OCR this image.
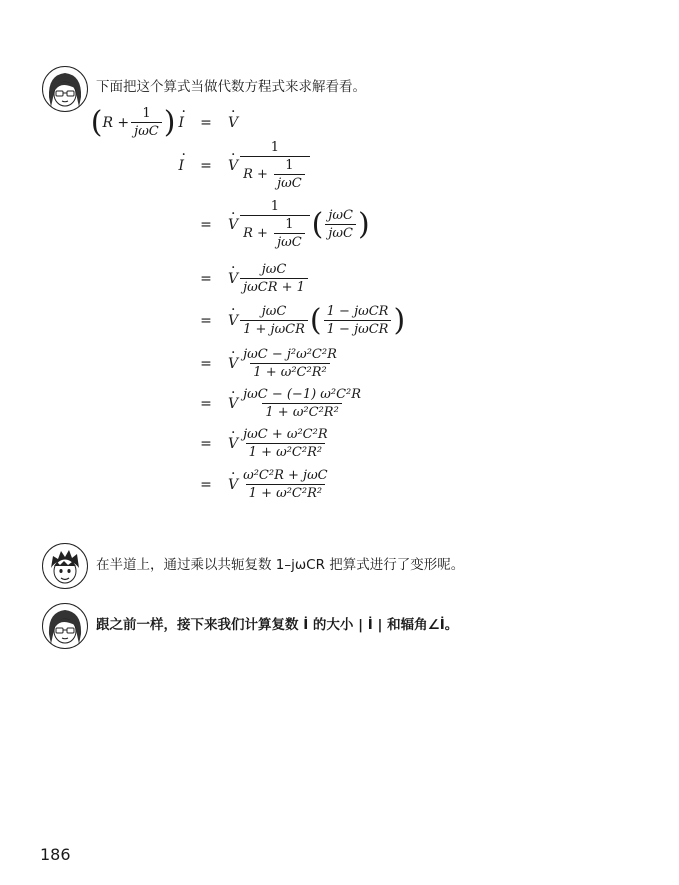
下面把这个算式当做代数方程式来求解看看。
( $R + \frac{1}{\text{jωC}}$ ) · I	=	· V
· I	=	· V $\frac{1}{R + \frac{1}{\text{jωC}}}$
=	· V $\frac{1}{R + \frac{1}{\text{jωC}}}$ ( $\frac{\text{jωC}}{\text{jωC}}$ )
=	· V $\frac{\text{jωC}}{\text{jωCR + 1}}$
=	· V $\frac{\text{jωC}}{\text{1 + jωCR}}$ ( $\frac{\text{1 − jωCR}}{\text{1 − jωCR}}$ )
=	· V $\frac{\text{jωC − j²ω²C²R}}{\text{1 + ω²C²R²}}$
=	· V $\frac{\text{jωC − (−1) ω²C²R}}{\text{1 + ω²C²R²}}$
=	· V $\frac{\text{jωC + ω²C²R}}{\text{1 + ω²C²R²}}$
=	· V $\frac{\text{ω²C²R + jωC}}{\text{1 + ω²C²R²}}$
在半道上，通过乘以共轭复数 1–jωCR 把算式进行了变形呢。
跟之前一样，接下来我们计算复数 İ 的大小 | İ | 和辐角∠İ。
186
